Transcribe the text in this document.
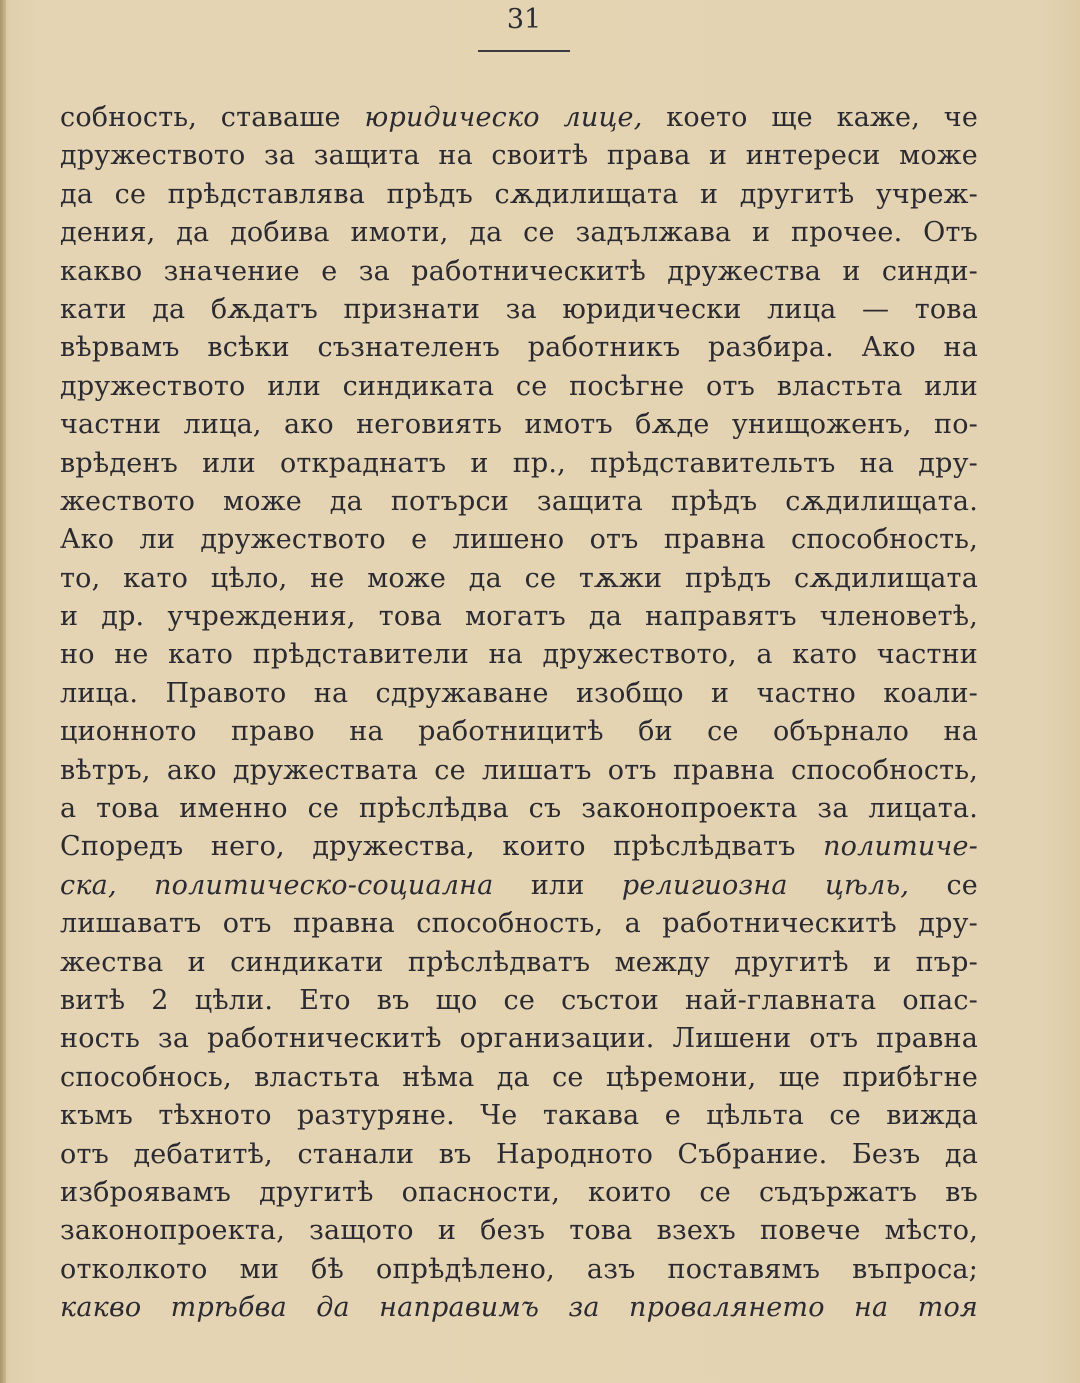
31
собность, ставаше юридическо лице, което ще каже, че
дружеството за защита на своитѣ права и интереси може
да се прѣдставлява прѣдъ сѫдилищата и другитѣ учреж-
дения, да добива имоти, да се задължава и прочее. Отъ
какво значение е за работническитѣ дружества и синди-
кати да бѫдатъ признати за юридически лица — това
вѣрвамъ всѣки съзнателенъ работникъ разбира. Ако на
дружеството или синдиката се посѣгне отъ властьта или
частни лица, ако неговиять имотъ бѫде унищоженъ, по-
врѣденъ или откраднатъ и пр., прѣдставительтъ на дру-
жеството може да потърси защита прѣдъ сѫдилищата.
Ако ли дружеството е лишено отъ правна способность,
то, като цѣло, не може да се тѫжи прѣдъ сѫдилищата
и др. учреждения, това могатъ да направятъ членоветѣ,
но не като прѣдставители на дружеството, а като частни
лица. Правото на сдружаване изобщо и частно коали-
ционното право на работницитѣ би се обърнало на
вѣтръ, ако дружествата се лишатъ отъ правна способность,
а това именно се прѣслѣдва съ законопроекта за лицата.
Споредъ него, дружества, които прѣслѣдватъ политиче-
ска, политическо-социална или религиозна цѣль, се
лишаватъ отъ правна способность, а работническитѣ дру-
жества и синдикати прѣслѣдватъ между другитѣ и пър-
витѣ 2 цѣли. Ето въ що се състои най-главната опас-
ность за работническитѣ организации. Лишени отъ правна
способнось, властьта нѣма да се цѣремони, ще прибѣгне
къмъ тѣхното разтуряне. Че такава е цѣльта се вижда
отъ дебатитѣ, станали въ Народното Събрание. Безъ да
изброявамъ другитѣ опасности, които се съдържатъ въ
законопроекта, защото и безъ това взехъ повече мѣсто,
отколкото ми бѣ опрѣдѣлено, азъ поставямъ въпроса;
какво трѣбва да направимъ за провалянето на тоя
